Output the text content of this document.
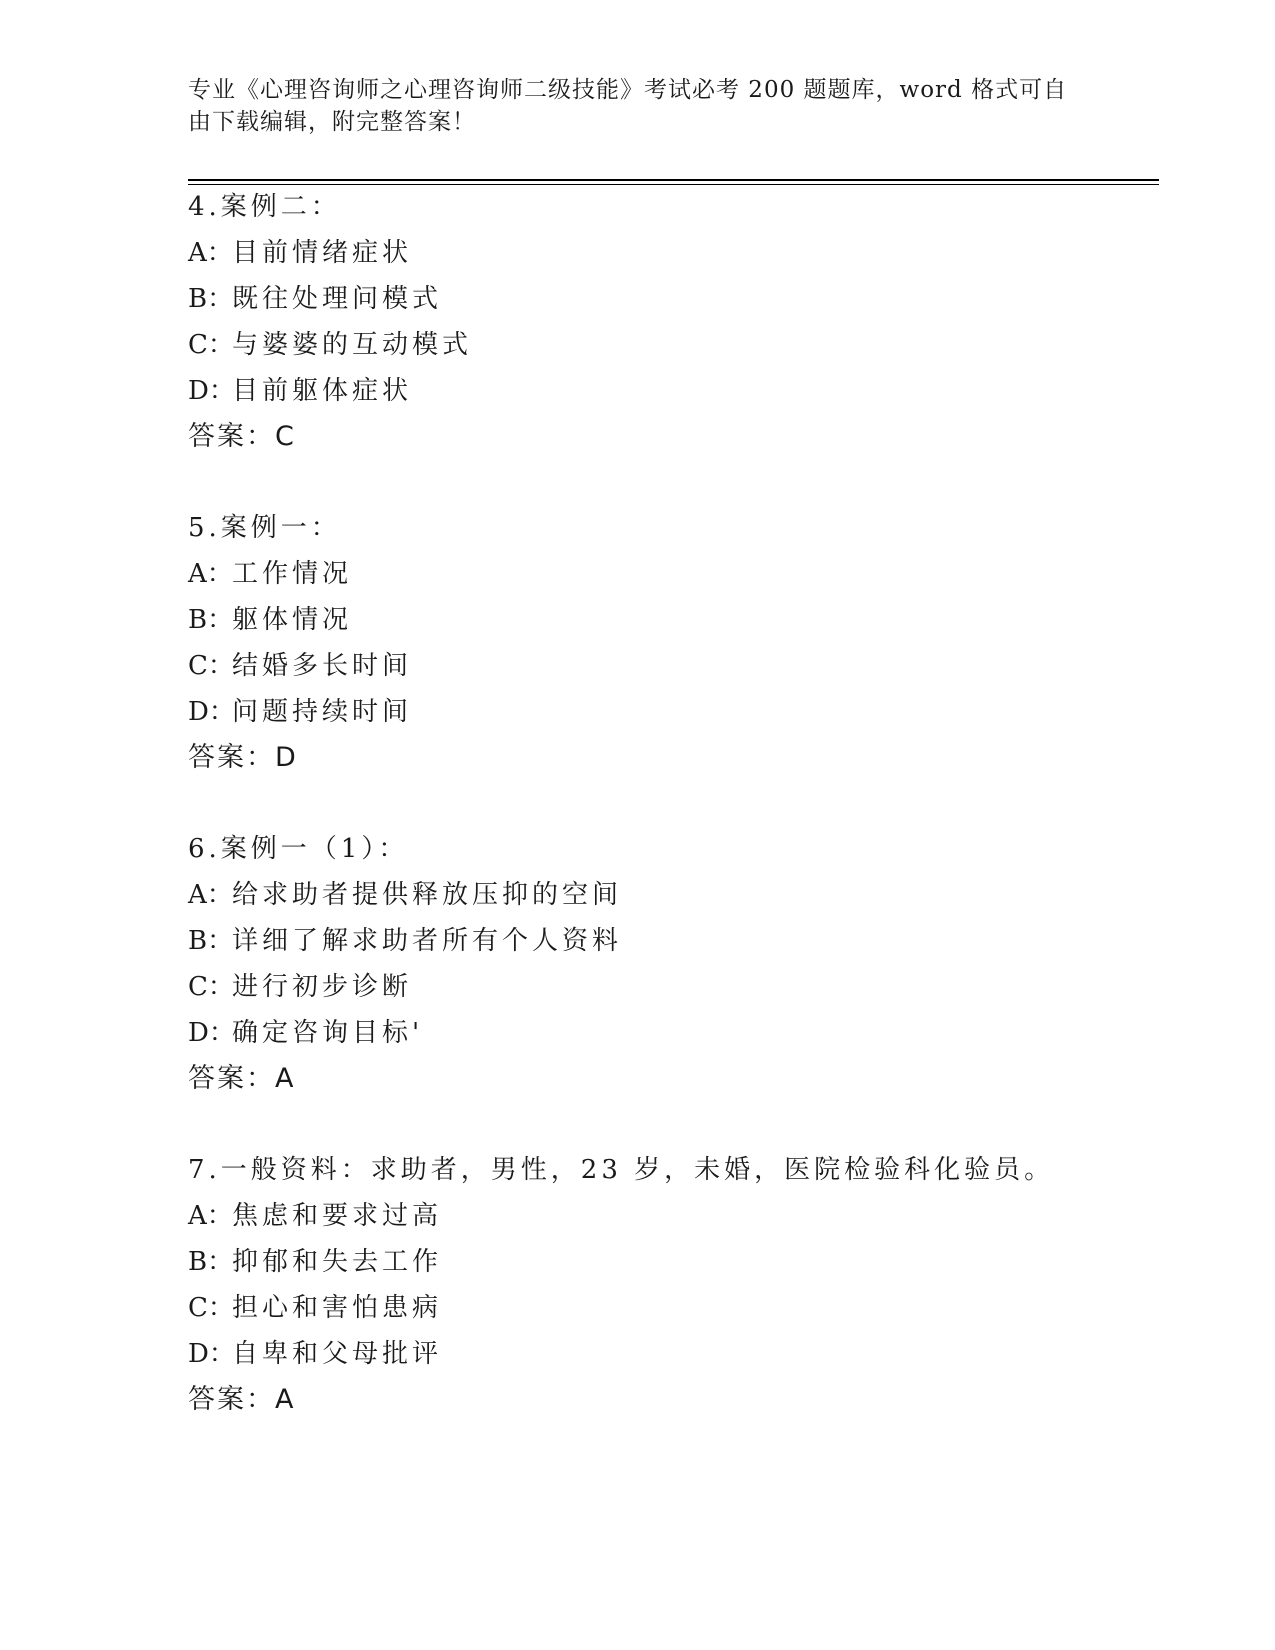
专业《心理咨询师之心理咨询师二级技能》考试必考 200 题题库，word 格式可自

由下载编辑，附完整答案！

4.案例二：
A：目前情绪症状
B：既往处理问模式
C：与婆婆的互动模式
D：目前躯体症状
答案：C
5.案例一：
A：工作情况
B：躯体情况
C：结婚多长时间
D：问题持续时间
答案：D
6.案例一（1）：
A：给求助者提供释放压抑的空间
B：详细了解求助者所有个人资料
C：进行初步诊断
D：确定咨询目标'
答案：A
7.一般资料：求助者，男性，23 岁，未婚，医院检验科化验员。
A：焦虑和要求过高
B：抑郁和失去工作
C：担心和害怕患病
D：自卑和父母批评
答案：A
